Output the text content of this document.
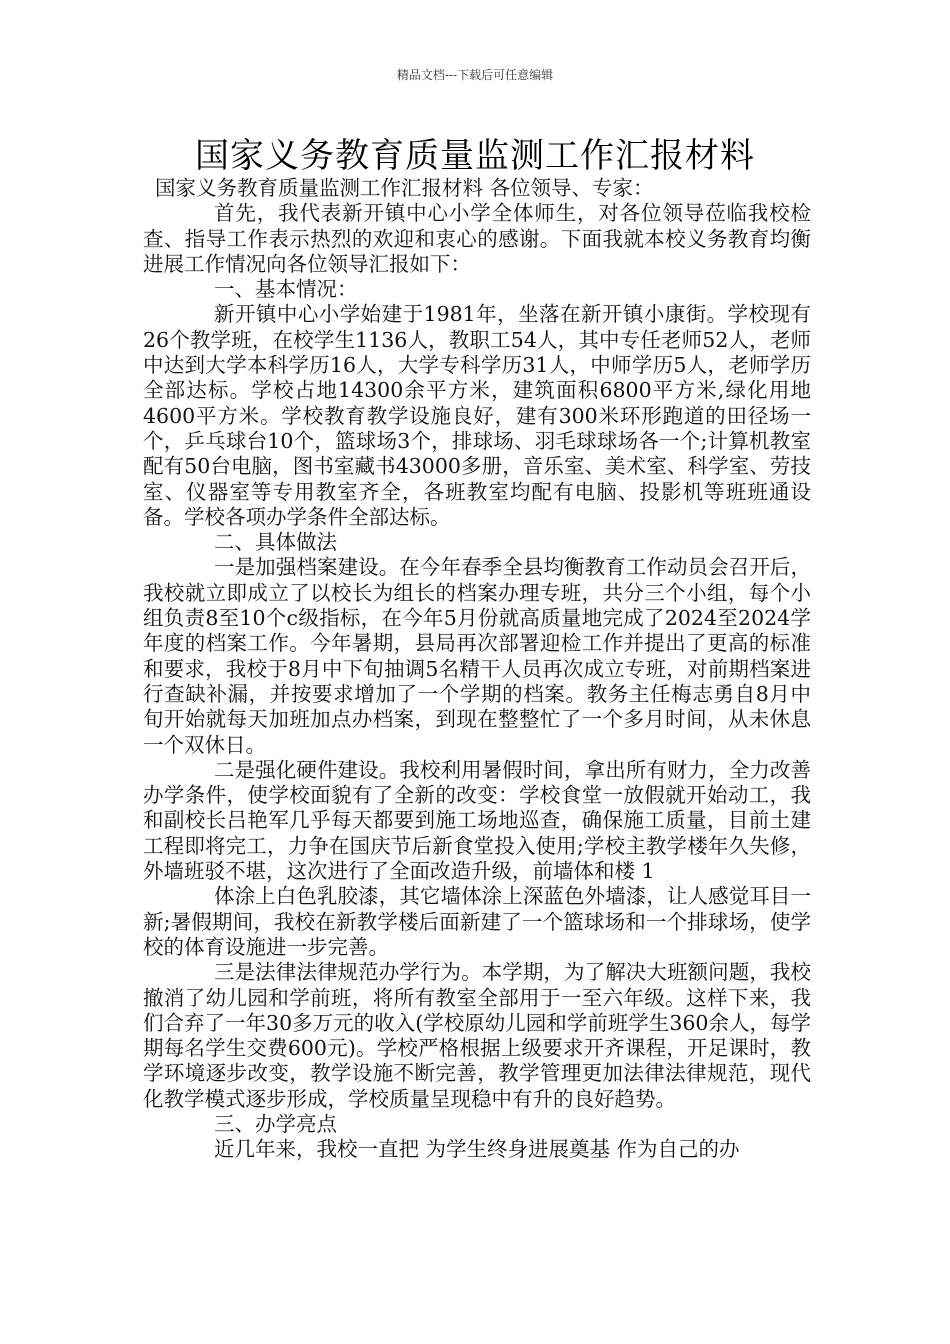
精品文档---下载后可任意编辑
国家义务教育质量监测工作汇报材料

国家义务教育质量监测工作汇报材料 各位领导、专家：

首先，我代表新开镇中心小学全体师生，对各位领导莅临我校检查、指导工作表示热烈的欢迎和衷心的感谢。下面我就本校义务教育均衡进展工作情况向各位领导汇报如下：

一、基本情况：

新开镇中心小学始建于1981年，坐落在新开镇小康街。学校现有26个教学班，在校学生1136人，教职工54人，其中专任老师52人，老师中达到大学本科学历16人，大学专科学历31人，中师学历5人，老师学历全部达标。学校占地14300余平方米，建筑面积6800平方米,绿化用地4600平方米。学校教育教学设施良好，建有300米环形跑道的田径场一个，乒乓球台10个，篮球场3个，排球场、羽毛球球场各一个;计算机教室配有50台电脑，图书室藏书43000多册，音乐室、美术室、科学室、劳技室、仪器室等专用教室齐全，各班教室均配有电脑、投影机等班班通设备。学校各项办学条件全部达标。

二、具体做法

一是加强档案建设。在今年春季全县均衡教育工作动员会召开后，我校就立即成立了以校长为组长的档案办理专班，共分三个小组，每个小组负责8至10个c级指标，在今年5月份就高质量地完成了2024至2024学年度的档案工作。今年暑期，县局再次部署迎检工作并提出了更高的标准和要求，我校于8月中下旬抽调5名精干人员再次成立专班，对前期档案进行查缺补漏，并按要求增加了一个学期的档案。教务主任梅志勇自8月中旬开始就每天加班加点办档案，到现在整整忙了一个多月时间，从未休息一个双休日。

二是强化硬件建设。我校利用暑假时间，拿出所有财力，全力改善办学条件，使学校面貌有了全新的改变：学校食堂一放假就开始动工，我和副校长吕艳军几乎每天都要到施工场地巡查，确保施工质量，目前土建工程即将完工，力争在国庆节后新食堂投入使用;学校主教学楼年久失修，外墙班驳不堪，这次进行了全面改造升级，前墙体和楼 1

体涂上白色乳胶漆，其它墙体涂上深蓝色外墙漆，让人感觉耳目一新;暑假期间，我校在新教学楼后面新建了一个篮球场和一个排球场，使学校的体育设施进一步完善。

三是法律法律规范办学行为。本学期，为了解决大班额问题，我校撤消了幼儿园和学前班，将所有教室全部用于一至六年级。这样下来，我们合弃了一年30多万元的收入(学校原幼儿园和学前班学生360余人，每学期每名学生交费600元)。学校严格根据上级要求开齐课程，开足课时，教学环境逐步改变，教学设施不断完善，教学管理更加法律法律规范，现代化教学模式逐步形成，学校质量呈现稳中有升的良好趋势。

三、办学亮点

近几年来，我校一直把 为学生终身进展奠基 作为自己的办
